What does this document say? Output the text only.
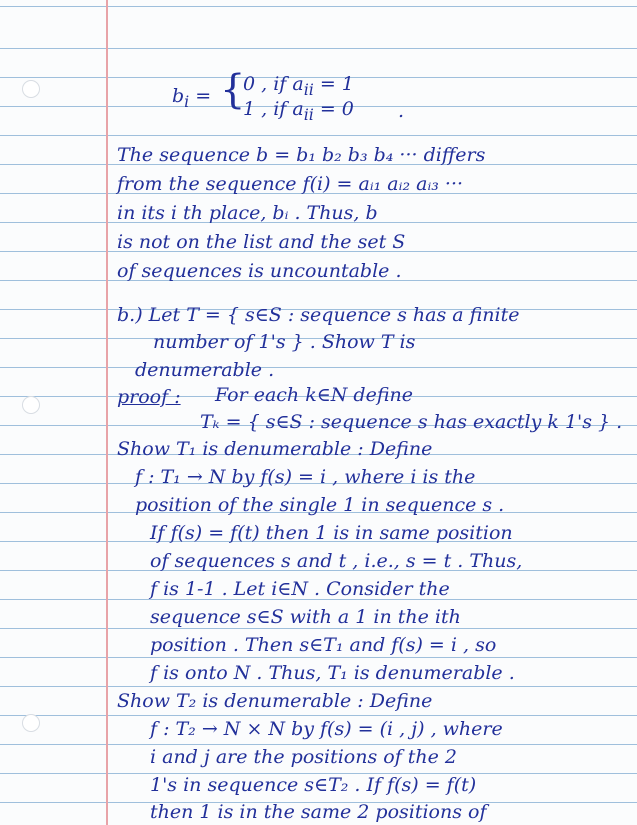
$b_i$ = {
0 , if $a_{ii} = 1$
1 , if $a_{ii} = 0$ .
The sequence b = b₁ b₂ b₃ b₄ ··· differs
from the sequence f(i) = aᵢ₁ aᵢ₂ aᵢ₃ ···
in its i th place, bᵢ . Thus, b
is not on the list and the set S
of sequences is uncountable .
b.) Let T = { s∈S : sequence s has a finite
number of 1's } . Show T is
denumerable .
proof : For each k∈N define
Tₖ = { s∈S : sequence s has exactly k 1's } .
Show T₁ is denumerable : Define
f : T₁ → N by f(s) = i , where i is the
position of the single 1 in sequence s .
If f(s) = f(t) then 1 is in same position
of sequences s and t , i.e., s = t . Thus,
f is 1-1 . Let i∈N . Consider the
sequence s∈S with a 1 in the ith
position . Then s∈T₁ and f(s) = i , so
f is onto N . Thus, T₁ is denumerable .
Show T₂ is denumerable : Define
f : T₂ → N × N by f(s) = (i , j) , where
i and j are the positions of the 2
1's in sequence s∈T₂ . If f(s) = f(t)
then 1 is in the same 2 positions of
